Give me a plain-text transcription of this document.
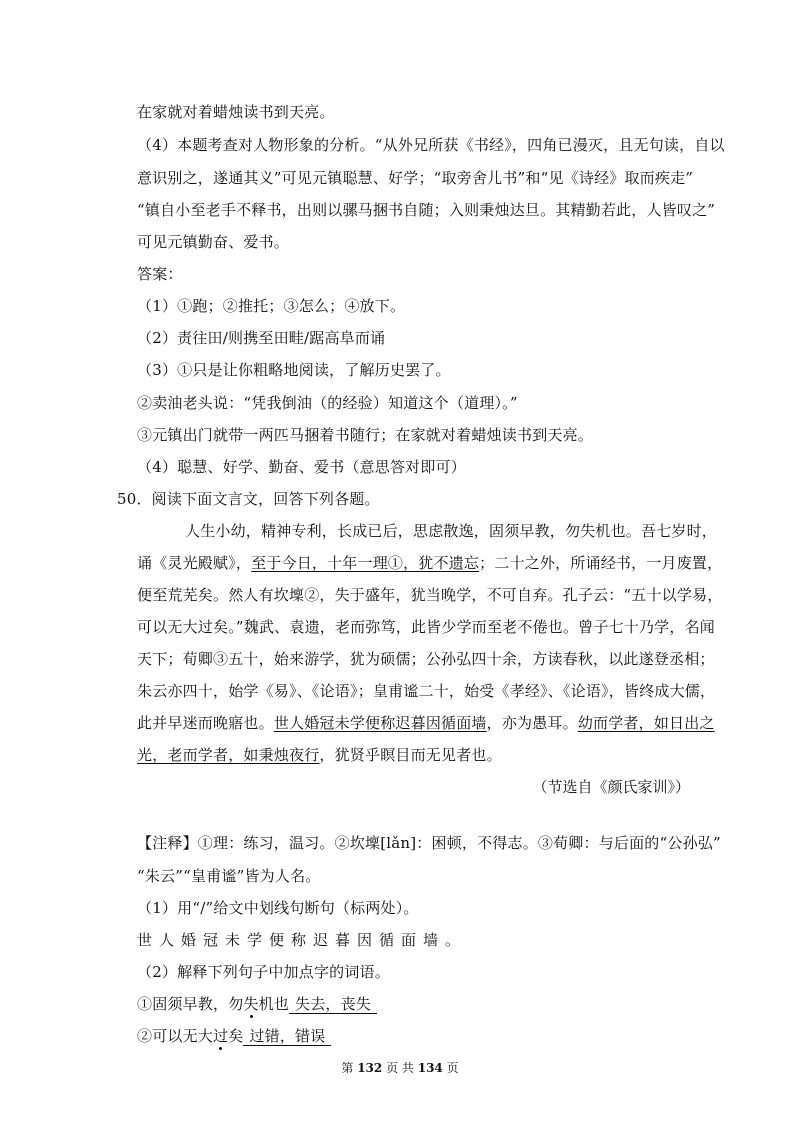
在家就对着蜡烛读书到天亮。
（4）本题考查对人物形象的分析。“从外兄所获《书经》，四角已漫灭，且无句读，自以
意识别之，遂通其义”可见元镇聪慧、好学；“取旁舍儿书”和“见《诗经》取而疾走”
“镇自小至老手不释书，出则以骡马捆书自随；入则秉烛达旦。其精勤若此，人皆叹之”
可见元镇勤奋、爱书。
答案：
（1）①跑；②推托；③怎么；④放下。
（2）责往田/则携至田畦/踞高阜而诵
（3）①只是让你粗略地阅读，了解历史罢了。
②卖油老头说：“凭我倒油（的经验）知道这个（道理）。”
③元镇出门就带一两匹马捆着书随行；在家就对着蜡烛读书到天亮。
（4）聪慧、好学、勤奋、爱书（意思答对即可）
50．阅读下面文言文，回答下列各题。
人生小幼，精神专利，长成已后，思虑散逸，固须早教，勿失机也。吾七岁时，
诵《灵光殿赋》，至于今日，十年一理①，犹不遗忘；二十之外，所诵经书，一月废置，
便至荒芜矣。然人有坎壈②，失于盛年，犹当晚学，不可自弃。孔子云：“五十以学易，
可以无大过矣。”魏武、袁遗，老而弥笃，此皆少学而至老不倦也。曾子七十乃学，名闻
天下；荀卿③五十，始来游学，犹为硕儒；公孙弘四十余，方读春秋，以此遂登丞相；
朱云亦四十，始学《易》、《论语》；皇甫谧二十，始受《孝经》、《论语》，皆终成大儒，
此并早迷而晚寤也。世人婚冠未学便称迟暮因循面墙，亦为愚耳。幼而学者，如日出之
光，老而学者，如秉烛夜行，犹贤乎瞑目而无见者也。
（节选自《颜氏家训》）
【注释】①理：练习，温习。②坎壈[lǎn]：困顿，不得志。③荀卿：与后面的“公孙弘”
“朱云”“皇甫谧”皆为人名。
（1）用“/”给文中划线句断句（标两处）。
世人婚冠未学便称迟暮因循面墙。
（2）解释下列句子中加点字的词语。
①固须早教，勿失机也 失去，丧失
②可以无大过矣 过错，错误
第 132 页 共 134 页
